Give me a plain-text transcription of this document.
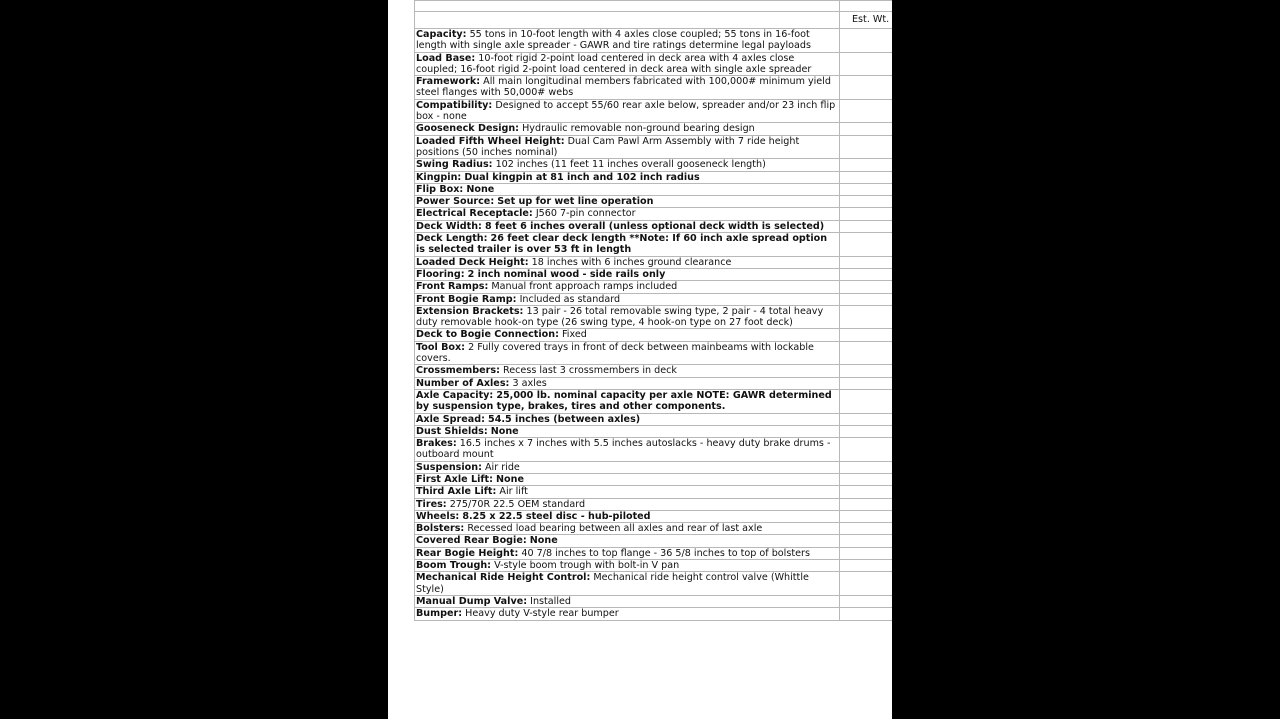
	Est. Wt.
Capacity: 55 tons in 10-foot length with 4 axles close coupled; 55 tons in 16-foot length with single axle spreader - GAWR and tire ratings determine legal payloads	
Load Base: 10-foot rigid 2-point load centered in deck area with 4 axles close coupled; 16-foot rigid 2-point load centered in deck area with single axle spreader	
Framework: All main longitudinal members fabricated with 100,000# minimum yield steel flanges with 50,000# webs	
Compatibility: Designed to accept 55/60 rear axle below, spreader and/or 23 inch flip box - none	
Gooseneck Design: Hydraulic removable non-ground bearing design	
Loaded Fifth Wheel Height: Dual Cam Pawl Arm Assembly with 7 ride height positions (50 inches nominal)	
Swing Radius: 102 inches (11 feet 11 inches overall gooseneck length)	
Kingpin: Dual kingpin at 81 inch and 102 inch radius	
Flip Box: None	
Power Source: Set up for wet line operation	
Electrical Receptacle: J560 7-pin connector	
Deck Width: 8 feet 6 inches overall (unless optional deck width is selected)	
Deck Length: 26 feet clear deck length **Note: If 60 inch axle spread option is selected trailer is over 53 ft in length	
Loaded Deck Height: 18 inches with 6 inches ground clearance	
Flooring: 2 inch nominal wood - side rails only	
Front Ramps: Manual front approach ramps included	
Front Bogie Ramp: Included as standard	
Extension Brackets: 13 pair - 26 total removable swing type, 2 pair - 4 total heavy duty removable hook-on type (26 swing type, 4 hook-on type on 27 foot deck)	
Deck to Bogie Connection: Fixed	
Tool Box: 2 Fully covered trays in front of deck between mainbeams with lockable covers.	
Crossmembers: Recess last 3 crossmembers in deck	
Number of Axles: 3 axles	
Axle Capacity: 25,000 lb. nominal capacity per axle NOTE: GAWR determined by suspension type, brakes, tires and other components.	
Axle Spread: 54.5 inches (between axles)	
Dust Shields: None	
Brakes: 16.5 inches x 7 inches with 5.5 inches autoslacks - heavy duty brake drums - outboard mount	
Suspension: Air ride	
First Axle Lift: None	
Third Axle Lift: Air lift	
Tires: 275/70R 22.5 OEM standard	
Wheels: 8.25 x 22.5 steel disc - hub-piloted	
Bolsters: Recessed load bearing between all axles and rear of last axle	
Covered Rear Bogie: None	
Rear Bogie Height: 40 7/8 inches to top flange - 36 5/8 inches to top of bolsters	
Boom Trough: V-style boom trough with bolt-in V pan	
Mechanical Ride Height Control: Mechanical ride height control valve (Whittle Style)	
Manual Dump Valve: Installed	
Bumper: Heavy duty V-style rear bumper	
